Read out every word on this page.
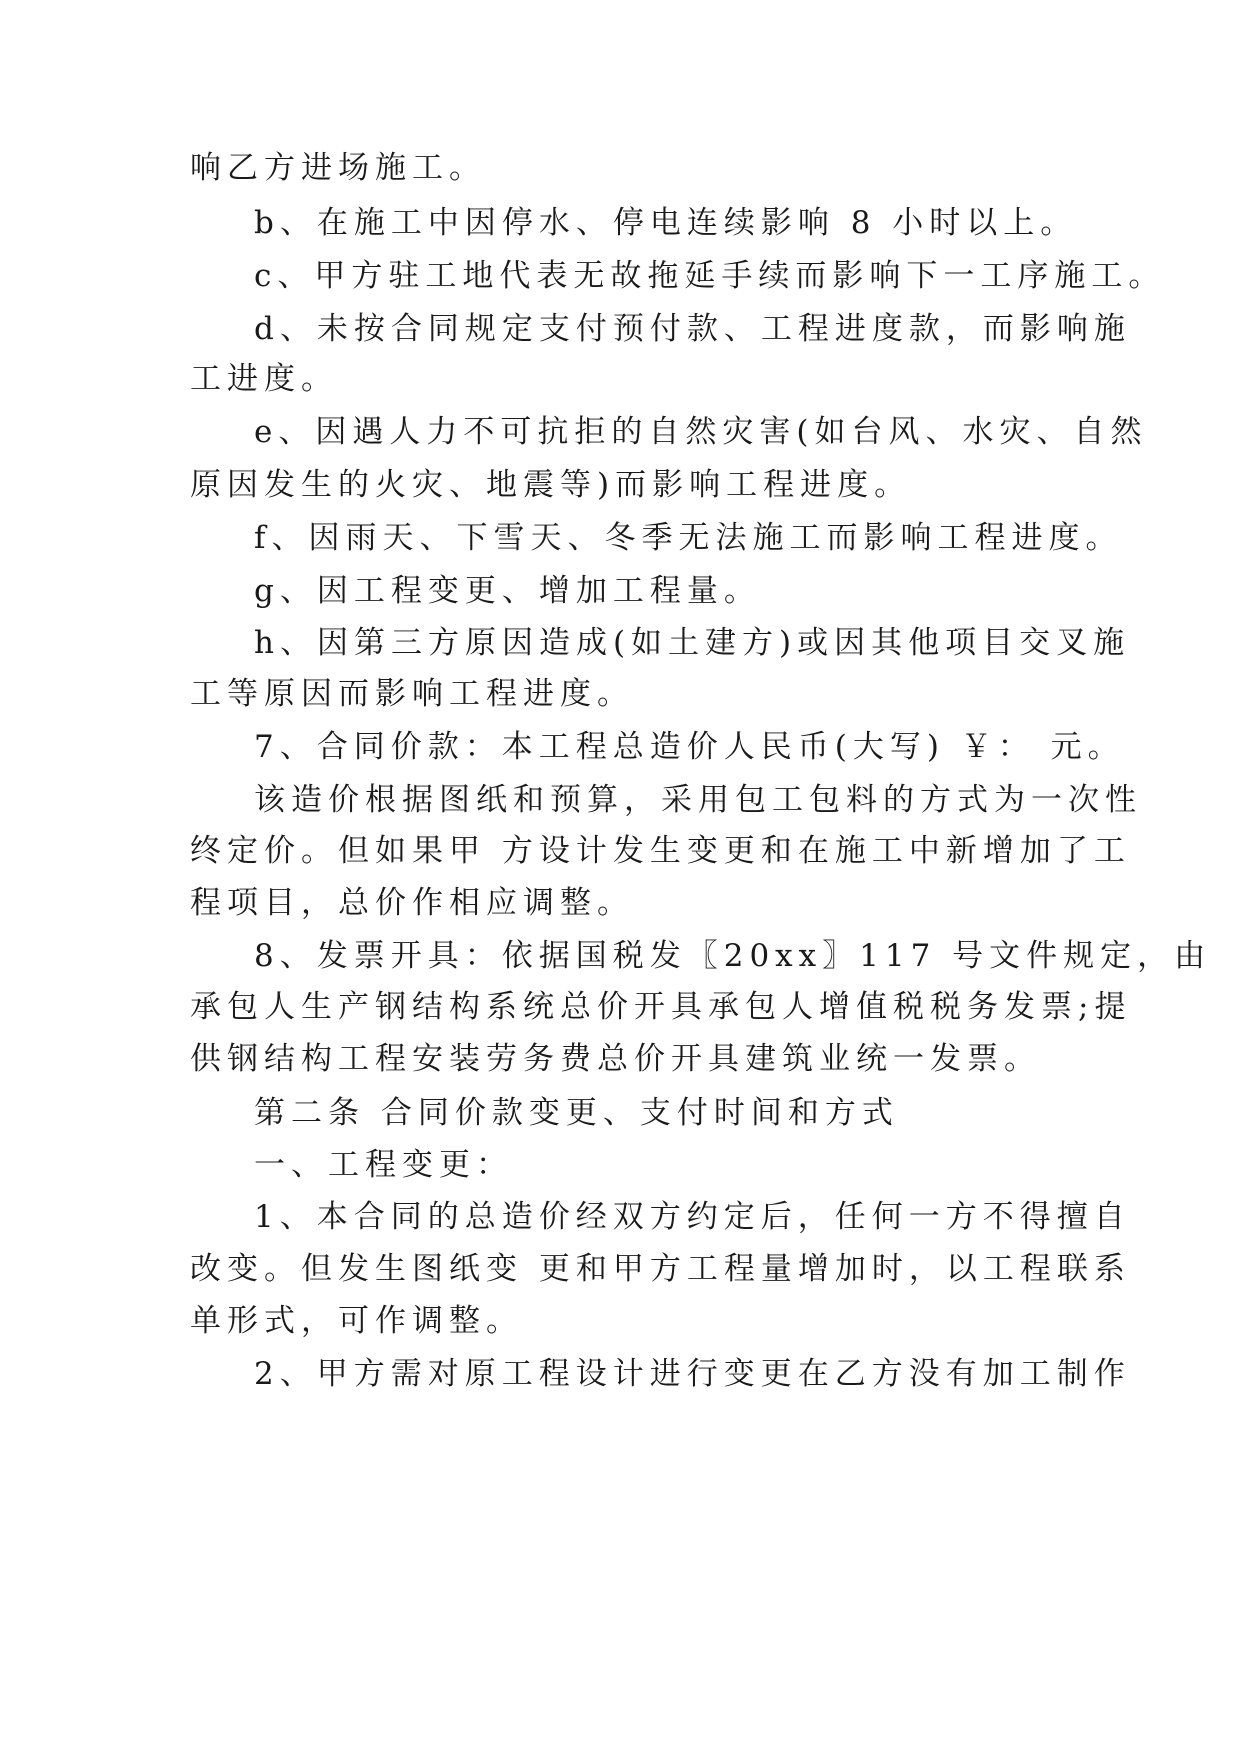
响乙方进场施工。
b、在施工中因停水、停电连续影响 8 小时以上。
c、甲方驻工地代表无故拖延手续而影响下一工序施工。
d、未按合同规定支付预付款、工程进度款，而影响施
工进度。
e、因遇人力不可抗拒的自然灾害(如台风、水灾、自然
原因发生的火灾、地震等)而影响工程进度。
f、因雨天、下雪天、冬季无法施工而影响工程进度。
g、因工程变更、增加工程量。
h、因第三方原因造成(如土建方)或因其他项目交叉施
工等原因而影响工程进度。
7、合同价款：本工程总造价人民币(大写) ￥： 元。
该造价根据图纸和预算，采用包工包料的方式为一次性
终定价。但如果甲 方设计发生变更和在施工中新增加了工
程项目，总价作相应调整。
8、发票开具：依据国税发〖20xx〗117 号文件规定，由
承包人生产钢结构系统总价开具承包人增值税税务发票;提
供钢结构工程安装劳务费总价开具建筑业统一发票。
第二条 合同价款变更、支付时间和方式
一、工程变更：
1、本合同的总造价经双方约定后，任何一方不得擅自
改变。但发生图纸变 更和甲方工程量增加时，以工程联系
单形式，可作调整。
2、甲方需对原工程设计进行变更在乙方没有加工制作
